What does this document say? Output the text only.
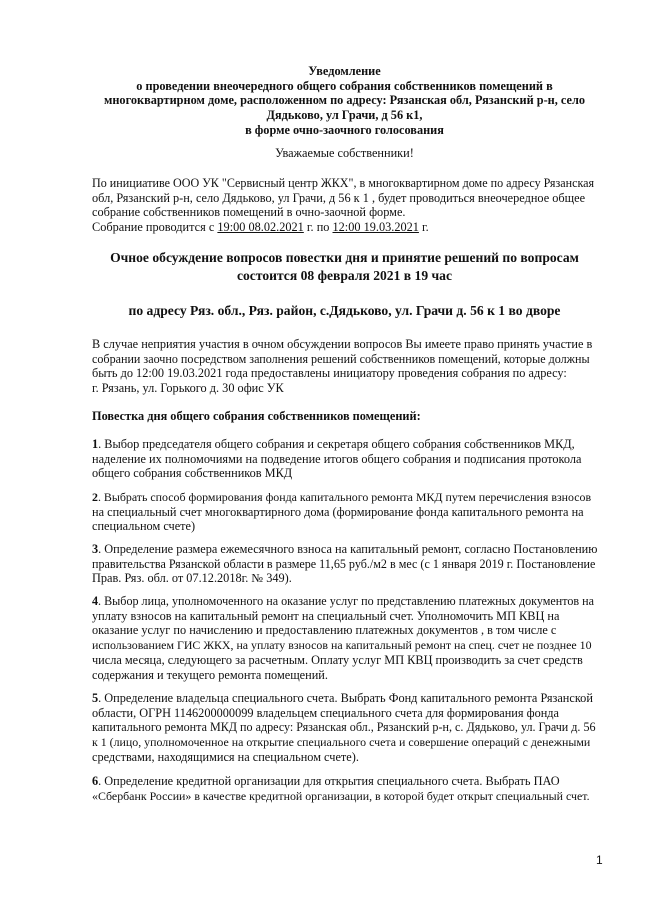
Уведомление
о проведении внеочередного общего собрания собственников помещений в
многоквартирном доме, расположенном по адресу: Рязанская обл, Рязанский р-н, село
Дядьково, ул Грачи, д 56 к1,
в форме очно-заочного голосования
Уважаемые собственники!
По инициативе ООО УК "Сервисный центр ЖКХ", в многоквартирном доме по адресу Рязанская
обл, Рязанский р-н, село Дядьково, ул Грачи, д 56 к 1 , будет проводиться внеочередное общее
собрание собственников помещений в очно-заочной форме.
Собрание проводится с 19:00 08.02.2021 г. по 12:00 19.03.2021 г.
Очное обсуждение вопросов повестки дня и принятие решений по вопросам
состоится 08 февраля 2021 в 19 час
по адресу Ряз. обл., Ряз. район, с.Дядьково, ул. Грачи д. 56 к 1 во дворе
В случае неприятия участия в очном обсуждении вопросов Вы имеете право принять участие в
собрании заочно посредством заполнения решений собственников помещений, которые должны
быть до 12:00 19.03.2021 года предоставлены инициатору проведения собрания по адресу:
г. Рязань, ул. Горького д. 30 офис УК
Повестка дня общего собрания собственников помещений:
1. Выбор председателя общего собрания и секретаря общего собрания собственников МКД,
наделение их полномочиями на подведение итогов общего собрания и подписания протокола
общего собрания собственников МКД
2. Выбрать способ формирования фонда капитального ремонта МКД путем перечисления взносов
на специальный счет многоквартирного дома (формирование фонда капитального ремонта на
специальном счете)
3. Определение размера ежемесячного взноса на капитальный ремонт, согласно Постановлению
правительства Рязанской области в размере 11,65 руб./м2 в мес (с 1 января 2019 г. Постановление
Прав. Ряз. обл. от 07.12.2018г. № 349).
4. Выбор лица, уполномоченного на оказание услуг по представлению платежных документов на
уплату взносов на капитальный ремонт на специальный счет. Уполномочить МП КВЦ на
оказание услуг по начислению и предоставлению платежных документов , в том числе с
использованием ГИС ЖКХ, на уплату взносов на капитальный ремонт на спец. счет не позднее 10
числа месяца, следующего за расчетным. Оплату услуг МП КВЦ производить за счет средств
содержания и текущего ремонта помещений.
5. Определение владельца специального счета. Выбрать Фонд капитального ремонта Рязанской
области, ОГРН 1146200000099 владельцем специального счета для формирования фонда
капитального ремонта МКД по адресу: Рязанская обл., Рязанский р-н, с. Дядьково, ул. Грачи д. 56
к 1 (лицо, уполномоченное на открытие специального счета и совершение операций с денежными
средствами, находящимися на специальном счете).
6. Определение кредитной организации для открытия специального счета. Выбрать ПАО
«Сбербанк России» в качестве кредитной организации, в которой будет открыт специальный счет.
1
